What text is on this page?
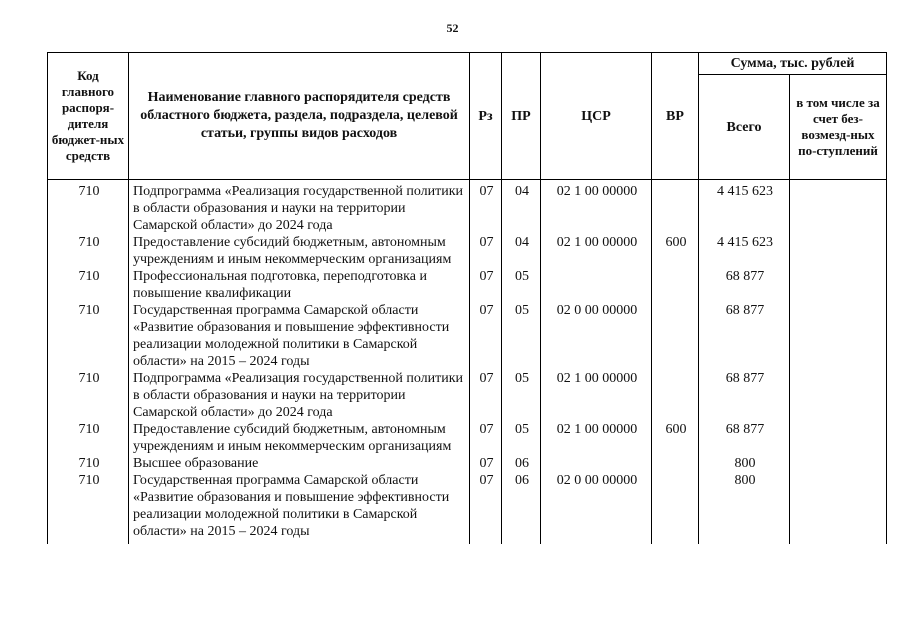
52
Код главного распоря-дителя бюджет-ных средств	Наименование главного распорядителя средств областного бюджета, раздела, подраздела, целевой статьи, группы видов расходов	Рз	ПР	ЦСР	ВР	Сумма, тыс. рублей	
						Всего	в том числе за счет без-возмезд-ных по-ступлений
710	Подпрограмма «Реализация государственной политики в области образования и науки на территории Самарской области» до 2024 года	07	04	02 1 00 00000		4 415 623	
710	Предоставление субсидий бюджетным, автономным учреждениям и иным некоммерческим организациям	07	04	02 1 00 00000	600	4 415 623	
710	Профессиональная подготовка, переподготовка и повышение квалификации	07	05			68 877	
710	Государственная программа Самарской области «Развитие образования и повышение эффективности реализации молодежной политики в Самарской области» на 2015 – 2024 годы	07	05	02 0 00 00000		68 877	
710	Подпрограмма «Реализация государственной политики в области образования и науки на территории Самарской области» до 2024 года	07	05	02 1 00 00000		68 877	
710	Предоставление субсидий бюджетным, автономным учреждениям и иным некоммерческим организациям	07	05	02 1 00 00000	600	68 877	
710	Высшее образование	07	06			800	
710	Государственная программа Самарской области «Развитие образования и повышение эффективности реализации молодежной политики в Самарской области» на 2015 – 2024 годы	07	06	02 0 00 00000		800	
